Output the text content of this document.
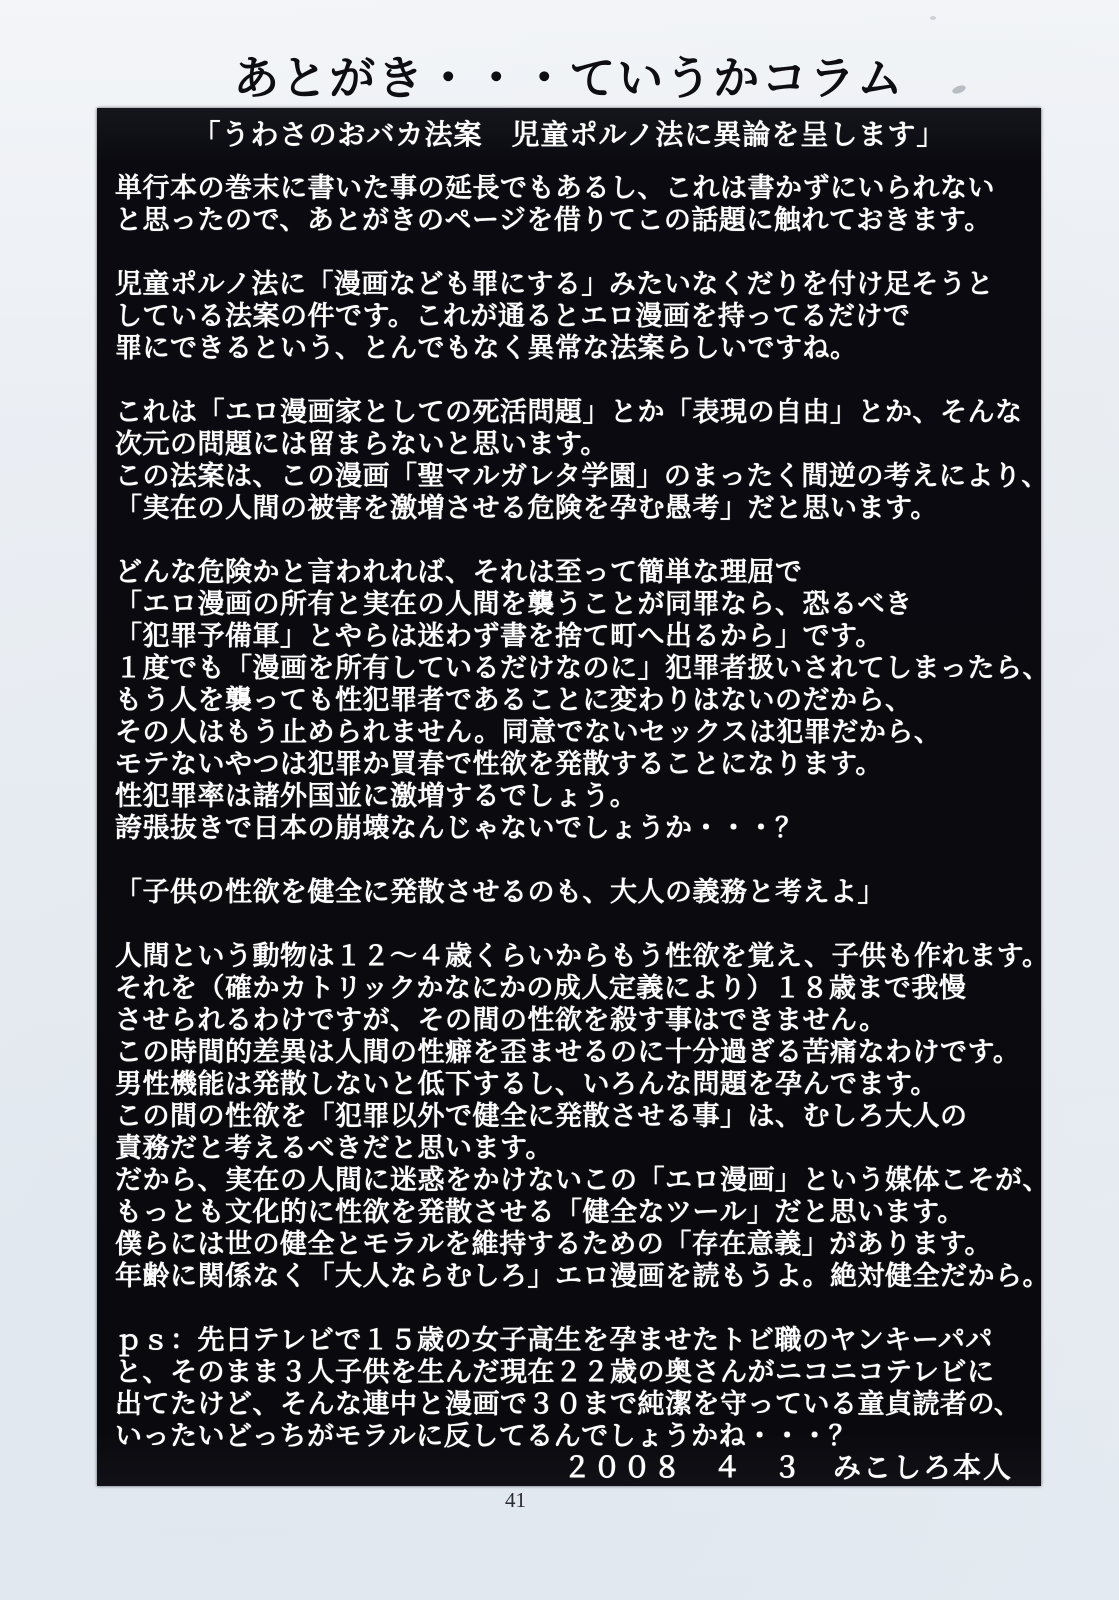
あとがき・・・ていうかコラム
「うわさのおバカ法案　児童ポルノ法に異論を呈します」
単行本の巻末に書いた事の延長でもあるし、これは書かずにいられない
と思ったので、あとがきのページを借りてこの話題に触れておきます。
児童ポルノ法に「漫画なども罪にする」みたいなくだりを付け足そうと
している法案の件です。これが通るとエロ漫画を持ってるだけで
罪にできるという、とんでもなく異常な法案らしいですね。
これは「エロ漫画家としての死活問題」とか「表現の自由」とか、そんな
次元の問題には留まらないと思います。
この法案は、この漫画「聖マルガレタ学園」のまったく間逆の考えにより、
「実在の人間の被害を激増させる危険を孕む愚考」だと思います。
どんな危険かと言われれば、それは至って簡単な理屈で
「エロ漫画の所有と実在の人間を襲うことが同罪なら、恐るべき
「犯罪予備軍」とやらは迷わず書を捨て町へ出るから」です。
１度でも「漫画を所有しているだけなのに」犯罪者扱いされてしまったら、
もう人を襲っても性犯罪者であることに変わりはないのだから、
その人はもう止められません。同意でないセックスは犯罪だから、
モテないやつは犯罪か買春で性欲を発散することになります。
性犯罪率は諸外国並に激増するでしょう。
誇張抜きで日本の崩壊なんじゃないでしょうか・・・？
「子供の性欲を健全に発散させるのも、大人の義務と考えよ」
人間という動物は１２～４歳くらいからもう性欲を覚え、子供も作れます。
それを（確かカトリックかなにかの成人定義により）１８歳まで我慢
させられるわけですが、その間の性欲を殺す事はできません。
この時間的差異は人間の性癖を歪ませるのに十分過ぎる苦痛なわけです。
男性機能は発散しないと低下するし、いろんな問題を孕んでます。
この間の性欲を「犯罪以外で健全に発散させる事」は、むしろ大人の
責務だと考えるべきだと思います。
だから、実在の人間に迷惑をかけないこの「エロ漫画」という媒体こそが、
もっとも文化的に性欲を発散させる「健全なツール」だと思います。
僕らには世の健全とモラルを維持するための「存在意義」があります。
年齢に関係なく「大人ならむしろ」エロ漫画を読もうよ。絶対健全だから。
ｐｓ：先日テレビで１５歳の女子高生を孕ませたトビ職のヤンキーパパ
と、そのまま３人子供を生んだ現在２２歳の奥さんがニコニコテレビに
出てたけど、そんな連中と漫画で３０まで純潔を守っている童貞読者の、
いったいどっちがモラルに反してるんでしょうかね・・・？
２００８　４　３　みこしろ本人
41
